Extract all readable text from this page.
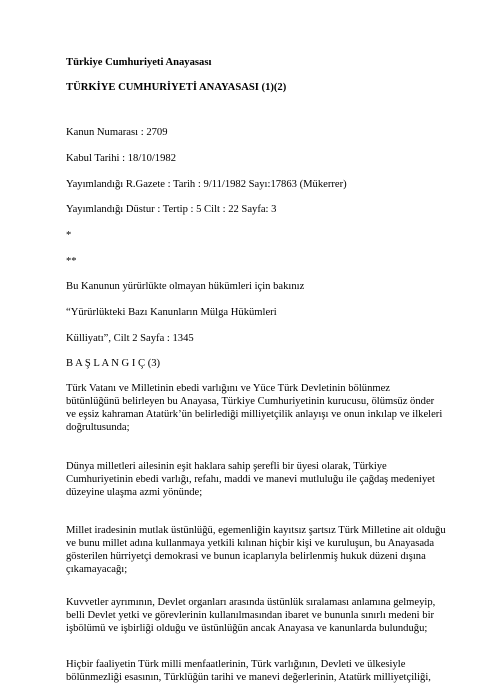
Türkiye Cumhuriyeti Anayasası

TÜRKİYE CUMHURİYETİ ANAYASASI (1)(2)

Kanun Numarası : 2709

Kabul Tarihi : 18/10/1982

Yayımlandığı R.Gazete : Tarih : 9/11/1982 Sayı:17863 (Mükerrer)

Yayımlandığı Düstur : Tertip : 5 Cilt : 22 Sayfa: 3

*

**

Bu Kanunun yürürlükte olmayan hükümleri için bakınız

“Yürürlükteki Bazı Kanunların Mülga Hükümleri

Külliyatı”, Cilt 2 Sayfa : 1345

B A Ş L A N G I Ç (3)

Türk Vatanı ve Milletinin ebedi varlığını ve Yüce Türk Devletinin bölünmez

bütünlüğünü belirleyen bu Anayasa, Türkiye Cumhuriyetinin kurucusu, ölümsüz önder

ve eşsiz kahraman Atatürk’ün belirlediği milliyetçilik anlayışı ve onun inkılap ve ilkeleri

doğrultusunda;

Dünya milletleri ailesinin eşit haklara sahip şerefli bir üyesi olarak, Türkiye

Cumhuriyetinin ebedi varlığı, refahı, maddi ve manevi mutluluğu ile çağdaş medeniyet

düzeyine ulaşma azmi yönünde;

Millet iradesinin mutlak üstünlüğü, egemenliğin kayıtsız şartsız Türk Milletine ait olduğu

ve bunu millet adına kullanmaya yetkili kılınan hiçbir kişi ve kuruluşun, bu Anayasada

gösterilen hürriyetçi demokrasi ve bunun icaplarıyla belirlenmiş hukuk düzeni dışına

çıkamayacağı;

Kuvvetler ayrımının, Devlet organları arasında üstünlük sıralaması anlamına gelmeyip,

belli Devlet yetki ve görevlerinin kullanılmasından ibaret ve bununla sınırlı medeni bir

işbölümü ve işbirliği olduğu ve üstünlüğün ancak Anayasa ve kanunlarda bulunduğu;

Hiçbir faaliyetin Türk milli menfaatlerinin, Türk varlığının, Devleti ve ülkesiyle

bölünmezliği esasının, Türklüğün tarihi ve manevi değerlerinin, Atatürk milliyetçiliği,
